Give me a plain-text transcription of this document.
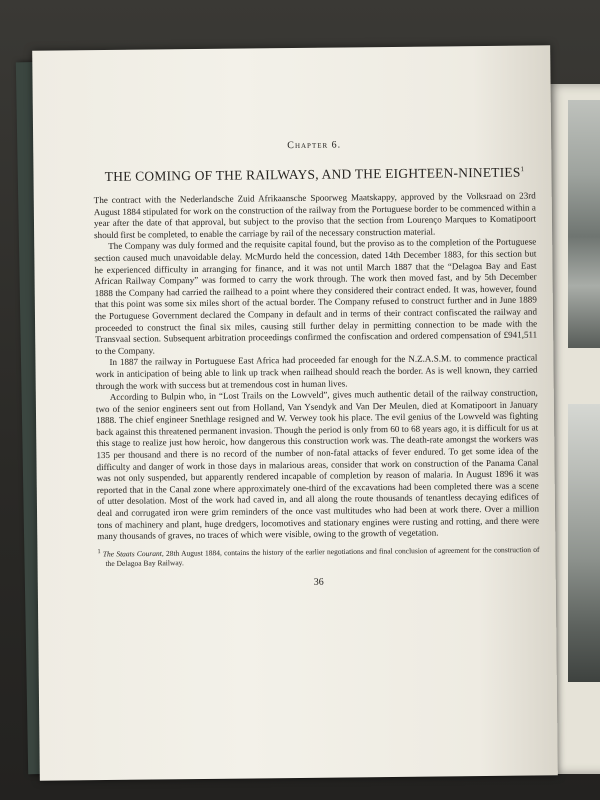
Chapter 6.
THE COMING OF THE RAILWAYS, AND THE EIGHTEEN-NINETIES$^1$

The contract with the Nederlandsche Zuid Afrikaansche Spoorweg Maatskappy, approved by the Volksraad on 23rd August 1884 stipulated for work on the construction of the railway from the Portuguese border to be commenced within a year after the date of that approval, but subject to the proviso that the section from Lourenço Marques to Komatipoort should first be completed, to enable the carriage by rail of the necessary construction material.

The Company was duly formed and the requisite capital found, but the proviso as to the completion of the Portuguese section caused much unavoidable delay. McMurdo held the concession, dated 14th December 1883, for this section but he experienced difficulty in arranging for finance, and it was not until March 1887 that the “Delagoa Bay and East African Railway Company” was formed to carry the work through. The work then moved fast, and by 5th December 1888 the Company had carried the railhead to a point where they considered their contract ended. It was, however, found that this point was some six miles short of the actual border. The Company refused to construct further and in June 1889 the Portuguese Government declared the Company in default and in terms of their contract confiscated the railway and proceeded to construct the final six miles, causing still further delay in permitting connection to be made with the Transvaal section. Subsequent arbitration proceedings confirmed the confiscation and ordered compensation of £941,511 to the Company.

In 1887 the railway in Portuguese East Africa had proceeded far enough for the N.Z.A.S.M. to commence practical work in anticipation of being able to link up track when railhead should reach the border. As is well known, they carried through the work with success but at tremendous cost in human lives.

According to Bulpin who, in “Lost Trails on the Lowveld”, gives much authentic detail of the railway construction, two of the senior engineers sent out from Holland, Van Ysendyk and Van Der Meulen, died at Komatipoort in January 1888. The chief engineer Snethlage resigned and W. Verwey took his place. The evil genius of the Lowveld was fighting back against this threatened permanent invasion. Though the period is only from 60 to 68 years ago, it is difficult for us at this stage to realize just how heroic, how dangerous this construction work was. The death-rate amongst the workers was 135 per thousand and there is no record of the number of non-fatal attacks of fever endured. To get some idea of the difficulty and danger of work in those days in malarious areas, consider that work on construction of the Panama Canal was not only suspended, but apparently rendered incapable of completion by reason of malaria. In August 1896 it was reported that in the Canal zone where approximately one-third of the excavations had been completed there was a scene of utter desolation. Most of the work had caved in, and all along the route thousands of tenantless decaying edifices of deal and corrugated iron were grim reminders of the once vast multitudes who had been at work there. Over a million tons of machinery and plant, huge dredgers, locomotives and stationary engines were rusting and rotting, and there were many thousands of graves, no traces of which were visible, owing to the growth of vegetation.

$^1$ The Staats Courant, 28th August 1884, contains the history of the earlier negotiations and final conclusion of agreement for the construction of the Delagoa Bay Railway.

36
